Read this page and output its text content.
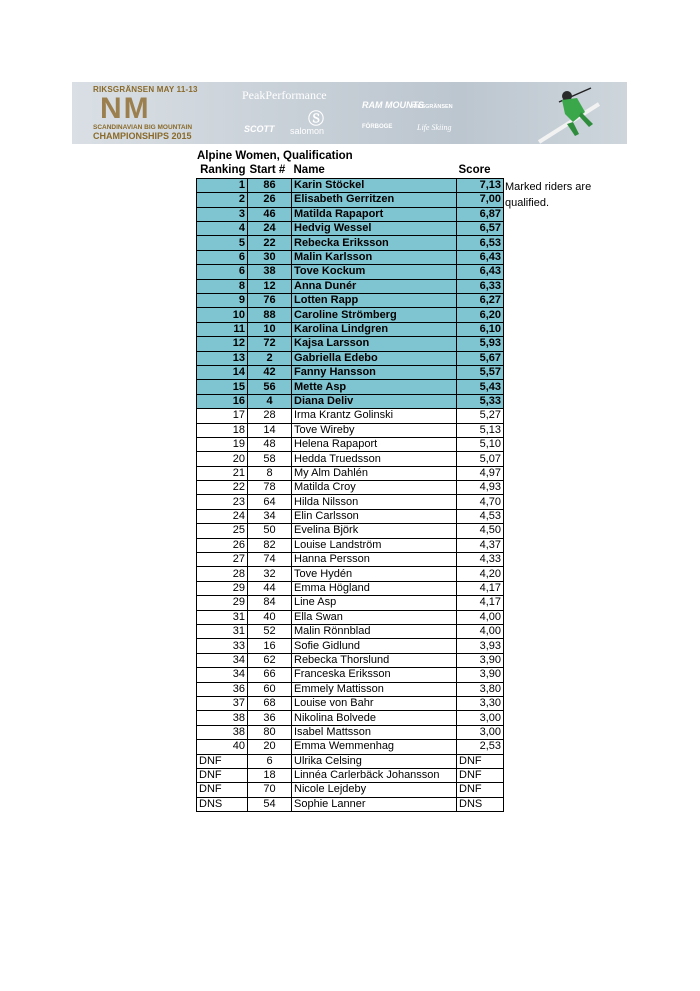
RIKSGRÄNSEN MAY 11-13
NM
SCANDINAVIAN BIG MOUNTAIN
CHAMPIONSHIPS 2015
PeakPerformance
SCOTT
Ⓢ
salomon
RAM MOUNTS
RIKSGRÄNSEN
FÖRBOGE	Life Skiing
Alpine Women, Qualification
Ranking	Start #	Name	Score
1	86	Karin Stöckel	7,13
2	26	Elisabeth Gerritzen	7,00
3	46	Matilda Rapaport	6,87
4	24	Hedvig Wessel	6,57
5	22	Rebecka Eriksson	6,53
6	30	Malin Karlsson	6,43
6	38	Tove Kockum	6,43
8	12	Anna Dunér	6,33
9	76	Lotten Rapp	6,27
10	88	Caroline Strömberg	6,20
11	10	Karolina Lindgren	6,10
12	72	Kajsa Larsson	5,93
13	2	Gabriella Edebo	5,67
14	42	Fanny Hansson	5,57
15	56	Mette Asp	5,43
16	4	Diana Deliv	5,33
17	28	Irma Krantz Golinski	5,27
18	14	Tove Wireby	5,13
19	48	Helena Rapaport	5,10
20	58	Hedda Truedsson	5,07
21	8	My Alm Dahlén	4,97
22	78	Matilda Croy	4,93
23	64	Hilda Nilsson	4,70
24	34	Elin Carlsson	4,53
25	50	Evelina Björk	4,50
26	82	Louise Landström	4,37
27	74	Hanna Persson	4,33
28	32	Tove Hydén	4,20
29	44	Emma Högland	4,17
29	84	Line Asp	4,17
31	40	Ella Swan	4,00
31	52	Malin Rönnblad	4,00
33	16	Sofie Gidlund	3,93
34	62	Rebecka Thorslund	3,90
34	66	Franceska Eriksson	3,90
36	60	Emmely Mattisson	3,80
37	68	Louise von Bahr	3,30
38	36	Nikolina Bolvede	3,00
38	80	Isabel Mattsson	3,00
40	20	Emma Wemmenhag	2,53
DNF	6	Ulrika Celsing	DNF
DNF	18	Linnéa Carlerbäck Johansson	DNF
DNF	70	Nicole Lejdeby	DNF
DNS	54	Sophie Lanner	DNS
Marked riders are qualified.
